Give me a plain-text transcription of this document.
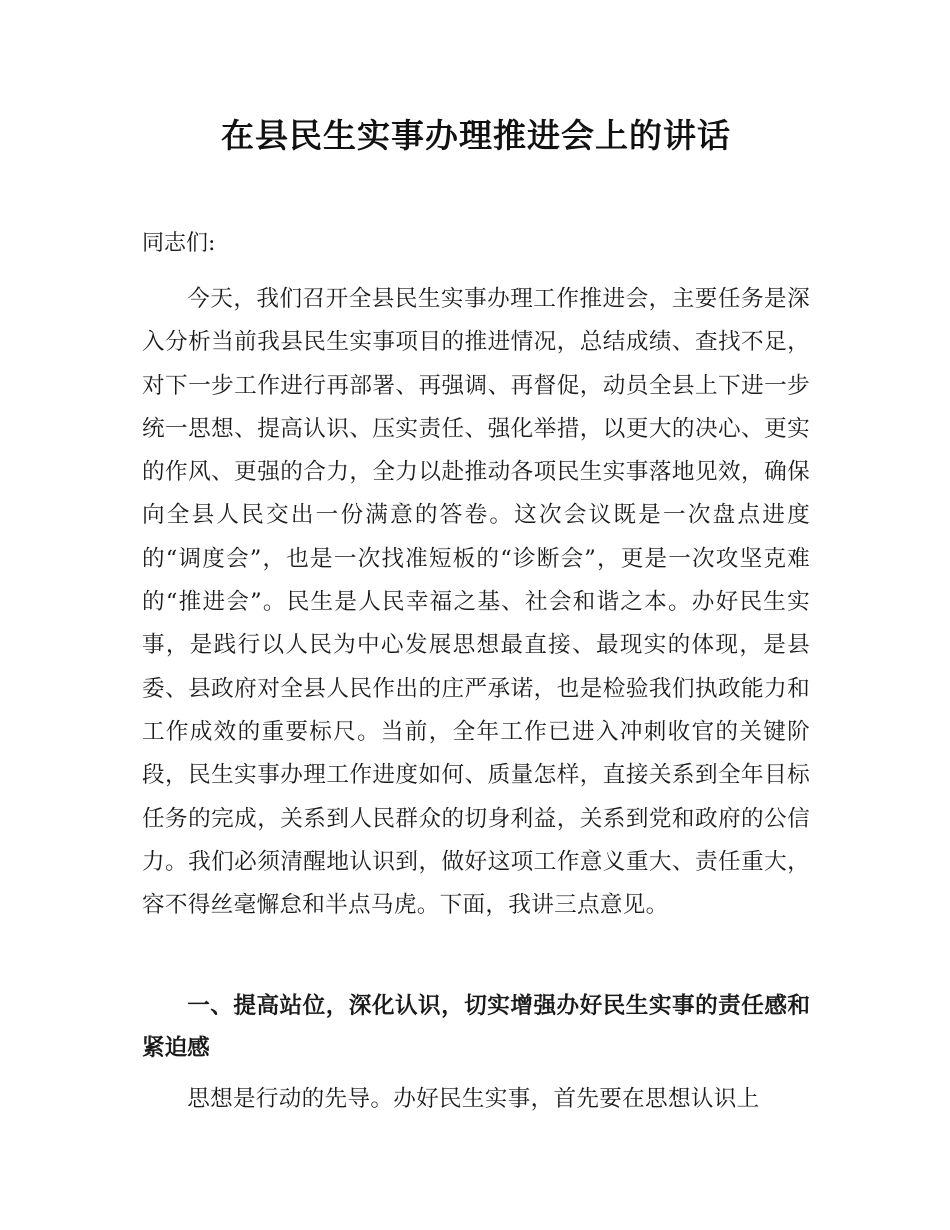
在县民生实事办理推进会上的讲话

同志们:

今天，我们召开全县民生实事办理工作推进会，主要任务是深入分析当前我县民生实事项目的推进情况，总结成绩、查找不足，对下一步工作进行再部署、再强调、再督促，动员全县上下进一步统一思想、提高认识、压实责任、强化举措，以更大的决心、更实的作风、更强的合力，全力以赴推动各项民生实事落地见效，确保向全县人民交出一份满意的答卷。这次会议既是一次盘点进度的“调度会”，也是一次找准短板的“诊断会”，更是一次攻坚克难的“推进会”。民生是人民幸福之基、社会和谐之本。办好民生实事，是践行以人民为中心发展思想最直接、最现实的体现，是县委、县政府对全县人民作出的庄严承诺，也是检验我们执政能力和工作成效的重要标尺。当前，全年工作已进入冲刺收官的关键阶段，民生实事办理工作进度如何、质量怎样，直接关系到全年目标任务的完成，关系到人民群众的切身利益，关系到党和政府的公信力。我们必须清醒地认识到，做好这项工作意义重大、责任重大，容不得丝毫懈怠和半点马虎。下面，我讲三点意见。

一、提高站位，深化认识，切实增强办好民生实事的责任感和紧迫感

思想是行动的先导。办好民生实事，首先要在思想认识上
